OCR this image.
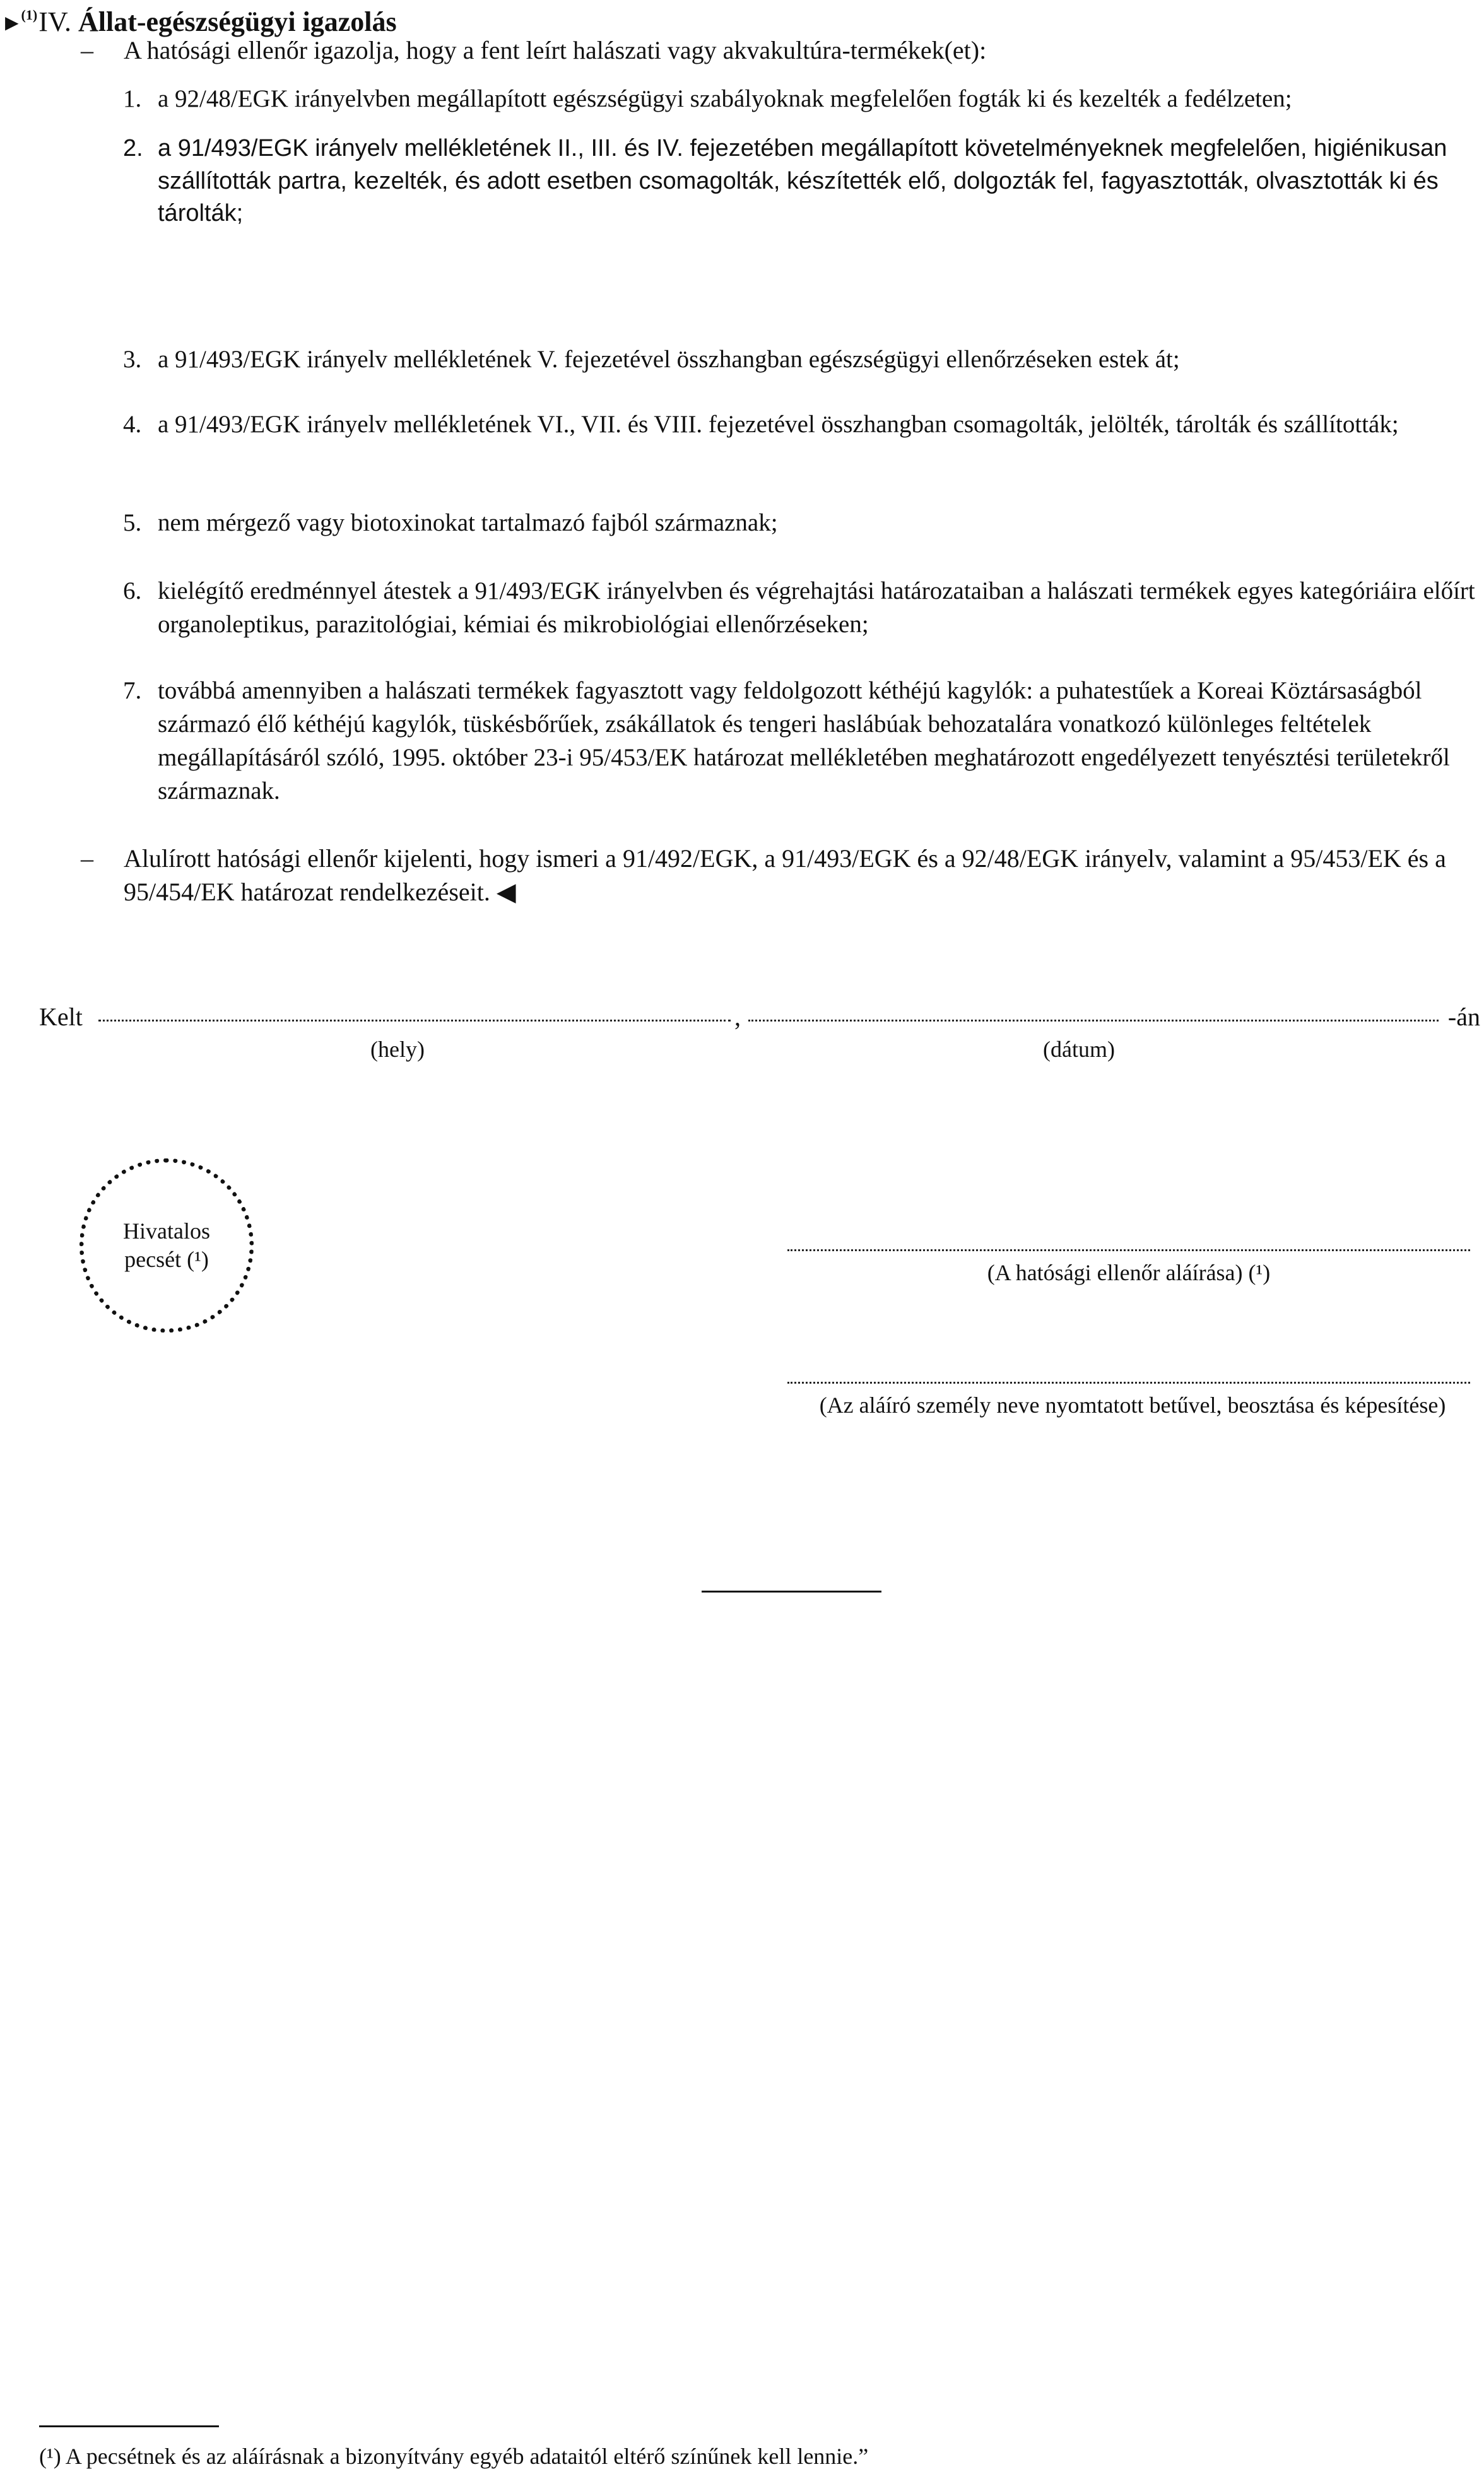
▶ $^{(1)}$IV. Állat-egészségügyi igazolás
– A hatósági ellenőr igazolja, hogy a fent leírt halászati vagy akvakultúra-termékek(et):
1. a 92/48/EGK irányelvben megállapított egészségügyi szabályoknak megfelelően fogták ki és kezelték a fedélzeten;
2. a 91/493/EGK irányelv mellékletének II., III. és IV. fejezetében megállapított követelményeknek megfelelően, higiénikusan szállították partra, kezelték, és adott esetben csomagolták, készítették elő, dolgozták fel, fagyasztották, olvasztották ki és tárolták;
3. a 91/493/EGK irányelv mellékletének V. fejezetével összhangban egészségügyi ellenőrzéseken estek át;
4. a 91/493/EGK irányelv mellékletének VI., VII. és VIII. fejezetével összhangban csomagolták, jelölték, tárolták és szállították;
5. nem mérgező vagy biotoxinokat tartalmazó fajból származnak;
6. kielégítő eredménnyel átestek a 91/493/EGK irányelvben és végrehajtási határozataiban a halászati termékek egyes kategóriáira előírt organoleptikus, parazitológiai, kémiai és mikrobiológiai ellenőrzéseken;
7. továbbá amennyiben a halászati termékek fagyasztott vagy feldolgozott kéthéjú kagylók: a puhatestűek a Koreai Köztársaságból származó élő kéthéjú kagylók, tüskésbőrűek, zsákállatok és tengeri haslábúak behozatalára vonatkozó különleges feltételek megállapításáról szóló, 1995. október 23-i 95/453/EK határozat mellékletében meghatározott engedélyezett tenyésztési területekről származnak.
– Alulírott hatósági ellenőr kijelenti, hogy ismeri a 91/492/EGK, a 91/493/EGK és a 92/48/EGK irányelv, valamint a 95/453/EK és a 95/454/EK határozat rendelkezéseit. ◀
Kelt	,	-án
(hely)	(dátum)
Hivatalos pecsét (¹)
(A hatósági ellenőr aláírása) (¹)
(Az aláíró személy neve nyomtatott betűvel, beosztása és képesítése)
(¹) A pecsétnek és az aláírásnak a bizonyítvány egyéb adataitól eltérő színűnek kell lennie.”
